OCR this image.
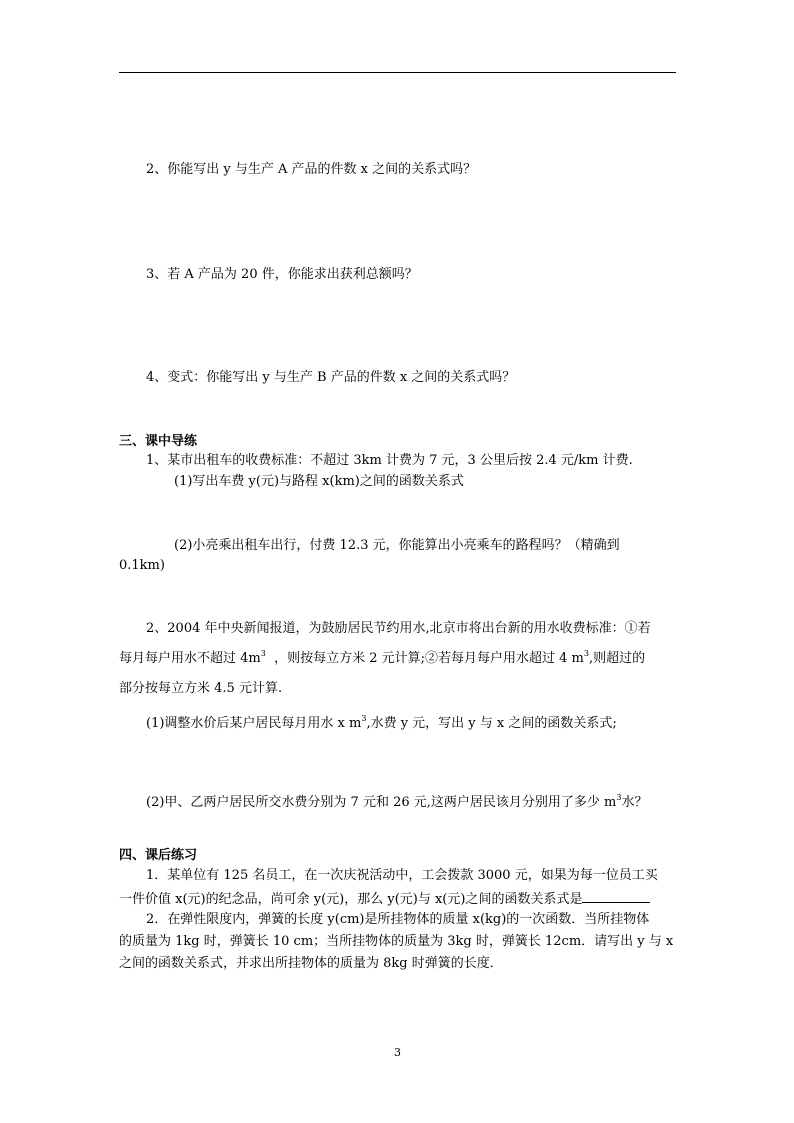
2、你能写出 y 与生产 A 产品的件数 x 之间的关系式吗？
3、若 A 产品为 20 件，你能求出获利总额吗？
4、变式：你能写出 y 与生产 B 产品的件数 x 之间的关系式吗？
三、课中导练
1、某市出租车的收费标准：不超过 3km 计费为 7 元，3 公里后按 2.4 元/km 计费.
(1)写出车费 y(元)与路程 x(km)之间的函数关系式
(2)小亮乘出租车出行，付费 12.3 元，你能算出小亮乘车的路程吗？（精确到
0.1km)
2、2004 年中央新闻报道，为鼓励居民节约用水,北京市将出台新的用水收费标准：①若
每月每户用水不超过 $4m^3$ ，则按每立方米 2 元计算;②若每月每户用水超过 4 $m^3$,则超过的
部分按每立方米 4.5 元计算.
(1)调整水价后某户居民每月用水 x $m^3$,水费 y 元，写出 y 与 x 之间的函数关系式;
(2)甲、乙两户居民所交水费分别为 7 元和 26 元,这两户居民该月分别用了多少 $m^3$水？
四、课后练习
1．某单位有 125 名员工，在一次庆祝活动中，工会拨款 3000 元，如果为每一位员工买
一件价值 x(元)的纪念品，尚可余 y(元)，那么 y(元)与 x(元)之间的函数关系式是
2．在弹性限度内，弹簧的长度 y(cm)是所挂物体的质量 x(kg)的一次函数．当所挂物体
的质量为 1kg 时，弹簧长 10 cm；当所挂物体的质量为 3kg 时，弹簧长 12cm．请写出 y 与 x
之间的函数关系式，并求出所挂物体的质量为 8kg 时弹簧的长度．
3
